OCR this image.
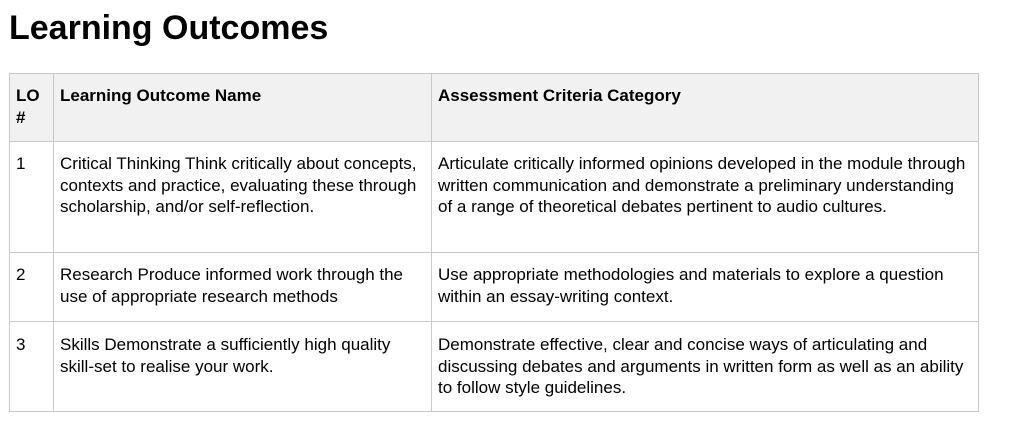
Learning Outcomes
LO #	Learning Outcome Name	Assessment Criteria Category
1	Critical Thinking Think critically about concepts, contexts and practice, evaluating these through scholarship, and/or self-reflection.	Articulate critically informed opinions developed in the module through written communication and demonstrate a preliminary understanding of a range of theoretical debates pertinent to audio cultures.
2	Research Produce informed work through the use of appropriate research methods	Use appropriate methodologies and materials to explore a question within an essay-writing context.
3	Skills Demonstrate a sufficiently high quality skill-set to realise your work.	Demonstrate effective, clear and concise ways of articulating and discussing debates and arguments in written form as well as an ability to follow style guidelines.
